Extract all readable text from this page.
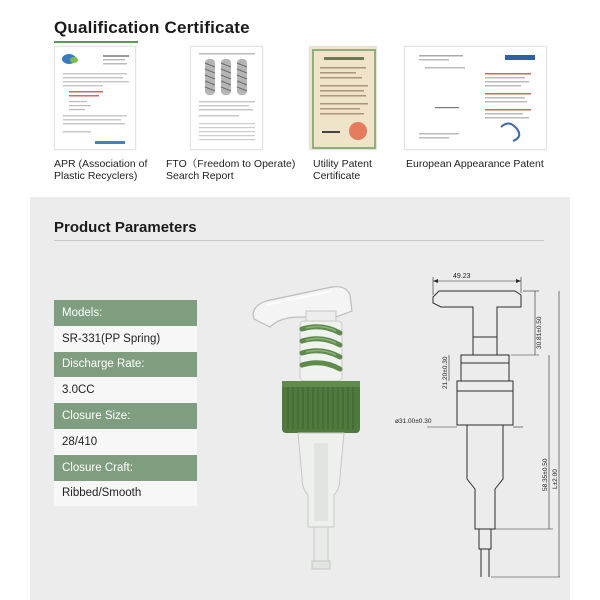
Qualification Certificate
APR (Association of
Plastic Recyclers)
FTO（Freedom to Operate)
Search Report
Utility Patent
Certificate
European Appearance Patent
Product Parameters
Models:
SR-331(PP Spring)
Discharge Rate:
3.0CC
Closure Size:
28/410
Closure Craft:
Ribbed/Smooth
49.23
30.81±0.50
21.20±0.30
ø31.00±0.30
58.35±0.50 L±2.00
